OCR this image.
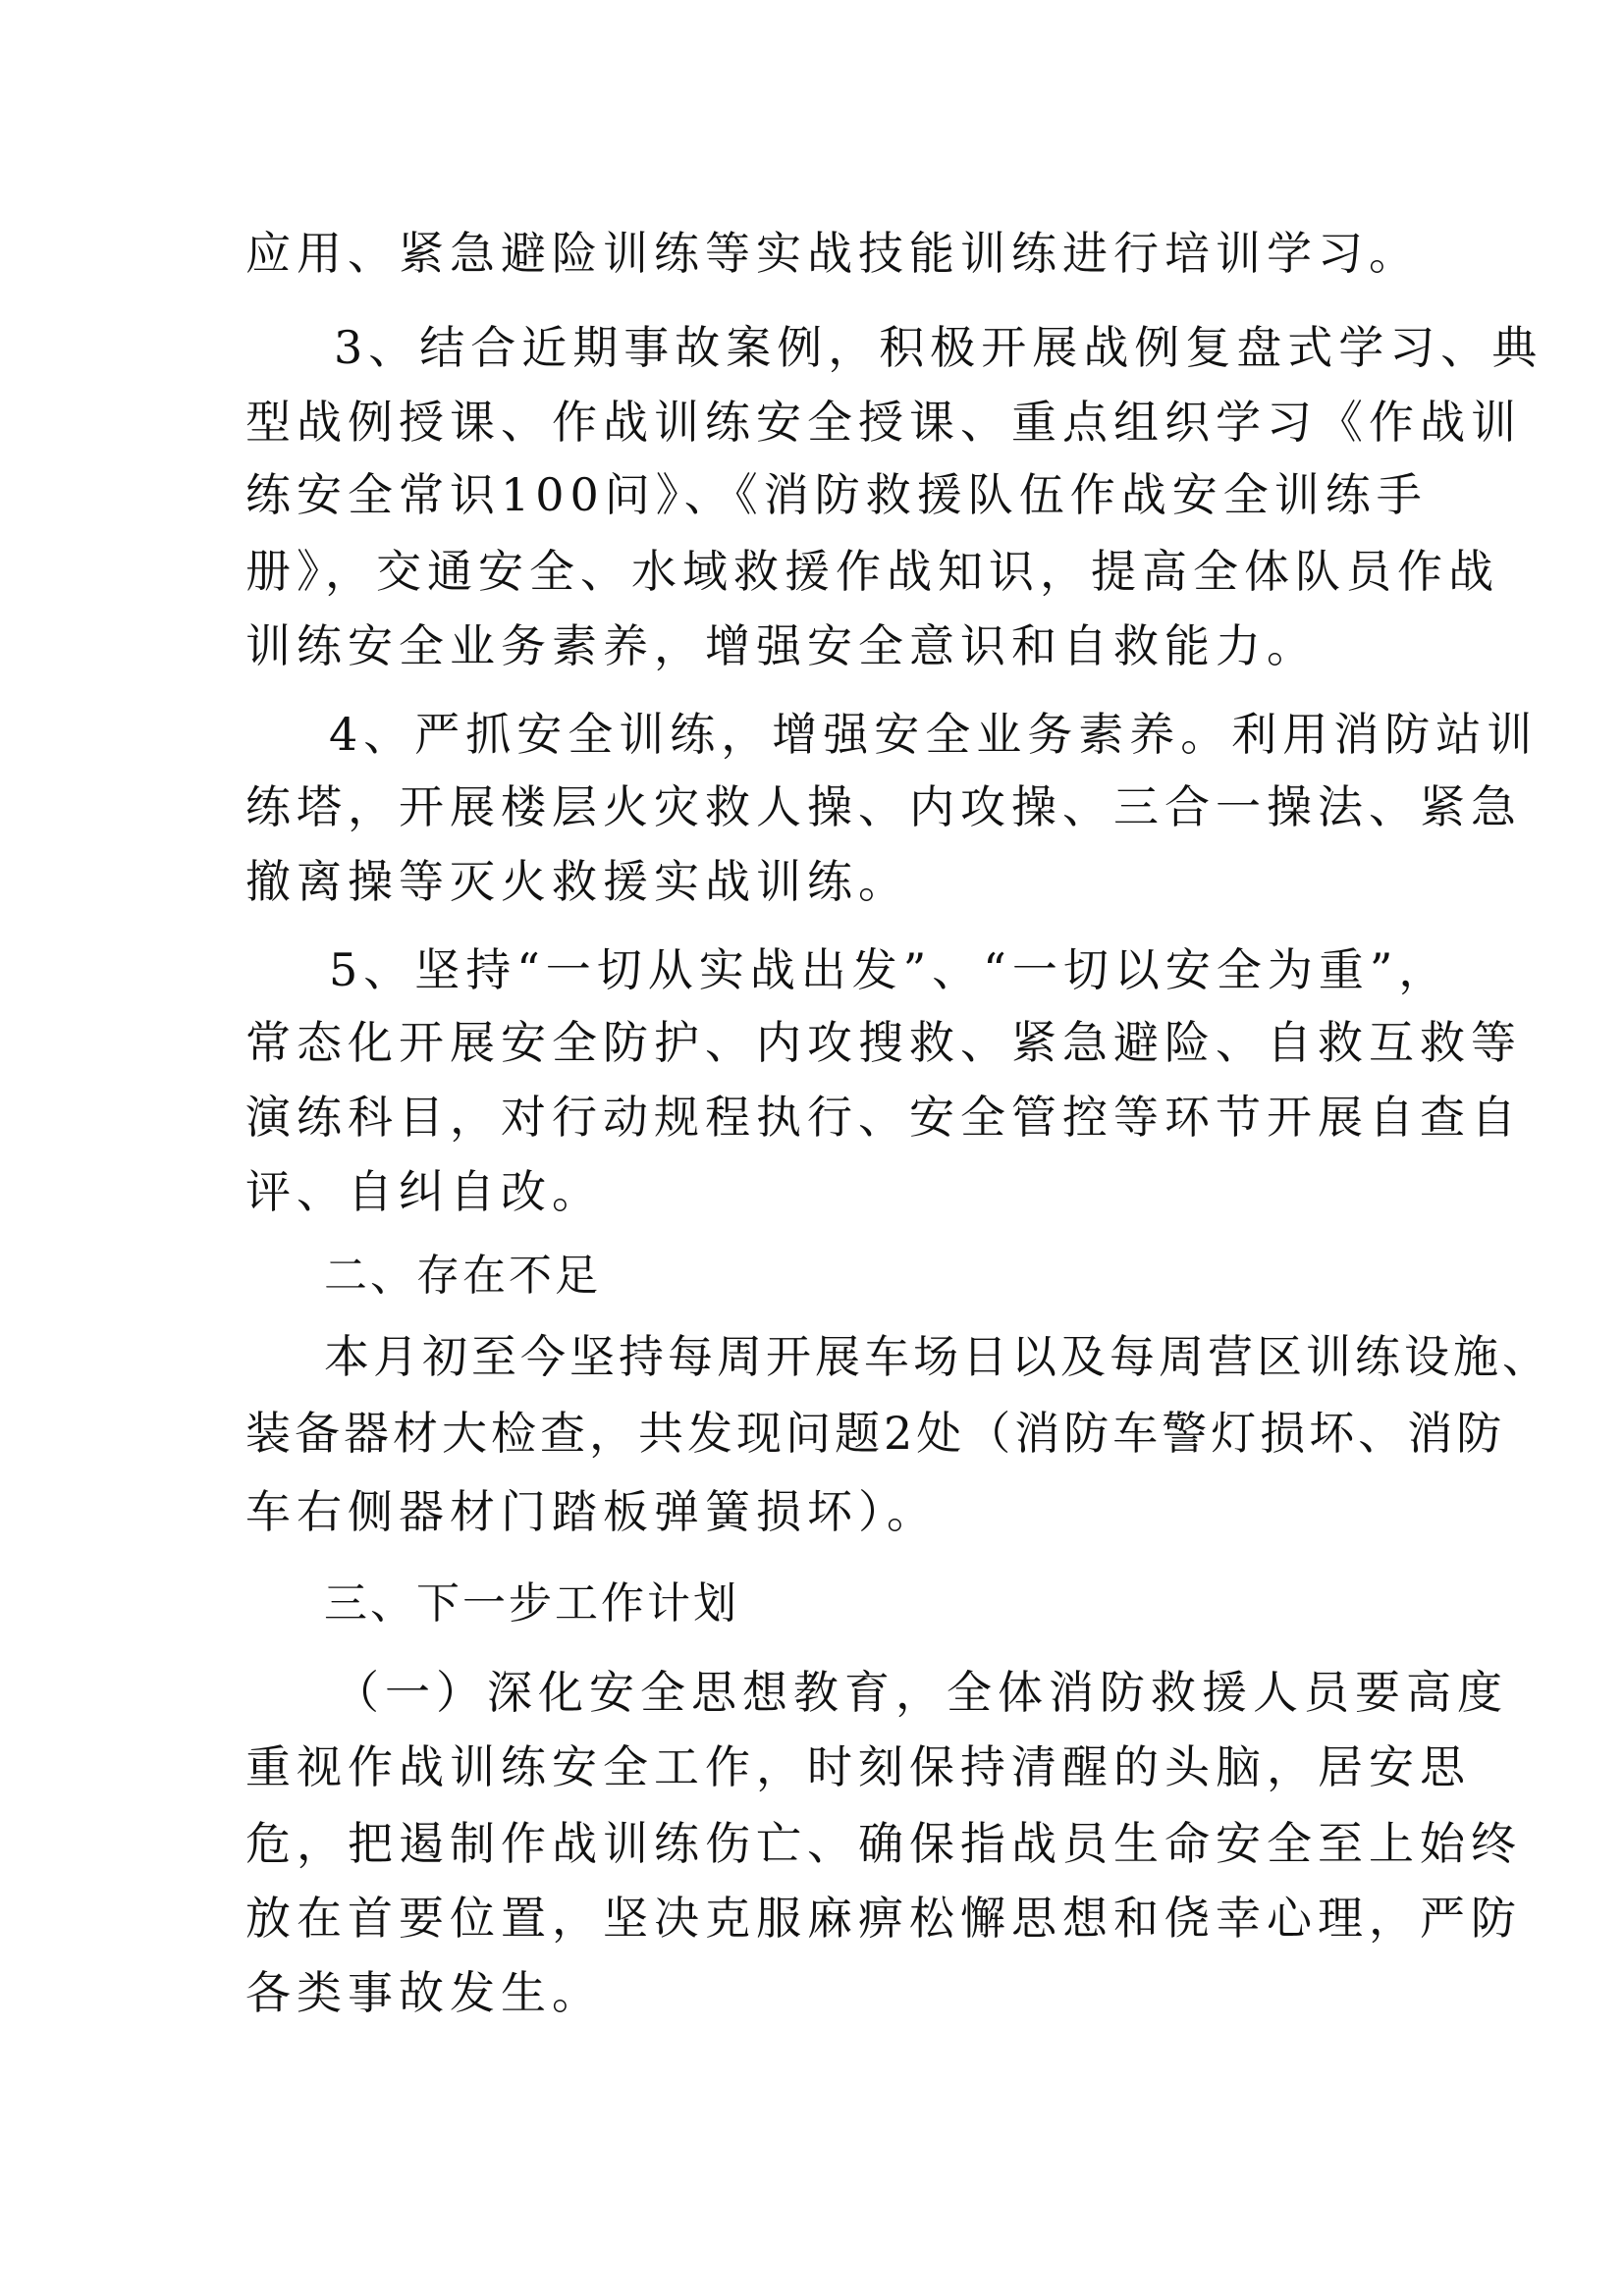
应用、紧急避险训练等实战技能训练进行培训学习。

3、结合近期事故案例，积极开展战例复盘式学习、典

型战例授课、作战训练安全授课、重点组织学习《作战训

练安全常识100问》、《消防救援队伍作战安全训练手

册》，交通安全、水域救援作战知识，提高全体队员作战

训练安全业务素养，增强安全意识和自救能力。

4、严抓安全训练，增强安全业务素养。利用消防站训

练塔，开展楼层火灾救人操、内攻操、三合一操法、紧急

撤离操等灭火救援实战训练。

5、坚持“一切从实战出发”、“一切以安全为重”，

常态化开展安全防护、内攻搜救、紧急避险、自救互救等

演练科目，对行动规程执行、安全管控等环节开展自查自

评、自纠自改。

二、存在不足

本月初至今坚持每周开展车场日以及每周营区训练设施、

装备器材大检查，共发现问题2处（消防车警灯损坏、消防

车右侧器材门踏板弹簧损坏）。

三、下一步工作计划

（一）深化安全思想教育，全体消防救援人员要高度

重视作战训练安全工作，时刻保持清醒的头脑，居安思

危，把遏制作战训练伤亡、确保指战员生命安全至上始终

放在首要位置，坚决克服麻痹松懈思想和侥幸心理，严防

各类事故发生。
